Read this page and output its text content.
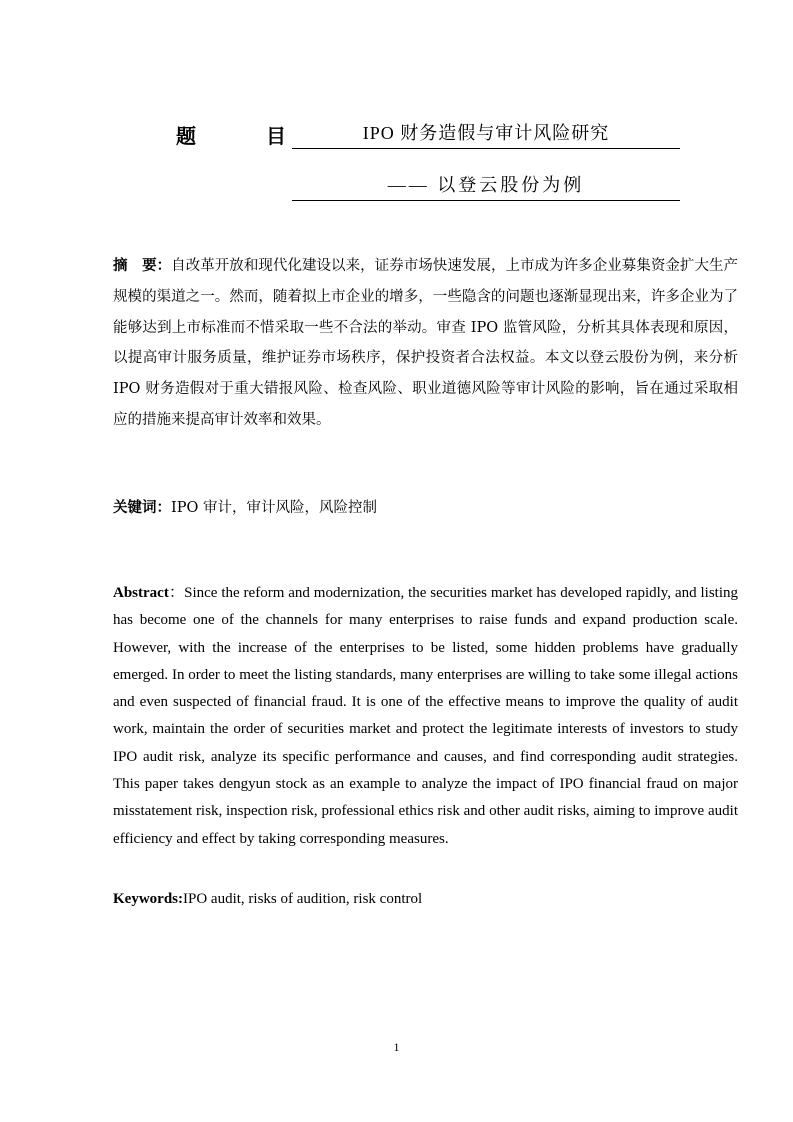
题	目	IPO 财务造假与审计风险研究
—— 以登云股份为例
摘　要：自改革开放和现代化建设以来，证券市场快速发展，上市成为许多企业募集资金扩大生产规模的渠道之一。然而，随着拟上市企业的增多，一些隐含的问题也逐渐显现出来，许多企业为了能够达到上市标准而不惜采取一些不合法的举动。审查 IPO 监管风险，分析其具体表现和原因，以提高审计服务质量，维护证券市场秩序，保护投资者合法权益。本文以登云股份为例，来分析 IPO 财务造假对于重大错报风险、检查风险、职业道德风险等审计风险的影响，旨在通过采取相应的措施来提高审计效率和效果。
关键词：IPO 审计，审计风险，风险控制
Abstract：Since the reform and modernization, the securities market has developed rapidly, and listing has become one of the channels for many enterprises to raise funds and expand production scale. However, with the increase of the enterprises to be listed, some hidden problems have gradually emerged. In order to meet the listing standards, many enterprises are willing to take some illegal actions and even suspected of financial fraud. It is one of the effective means to improve the quality of audit work, maintain the order of securities market and protect the legitimate interests of investors to study IPO audit risk, analyze its specific performance and causes, and find corresponding audit strategies. This paper takes dengyun stock as an example to analyze the impact of IPO financial fraud on major misstatement risk, inspection risk, professional ethics risk and other audit risks, aiming to improve audit efficiency and effect by taking corresponding measures.
Keywords:IPO audit, risks of audition, risk control
1
